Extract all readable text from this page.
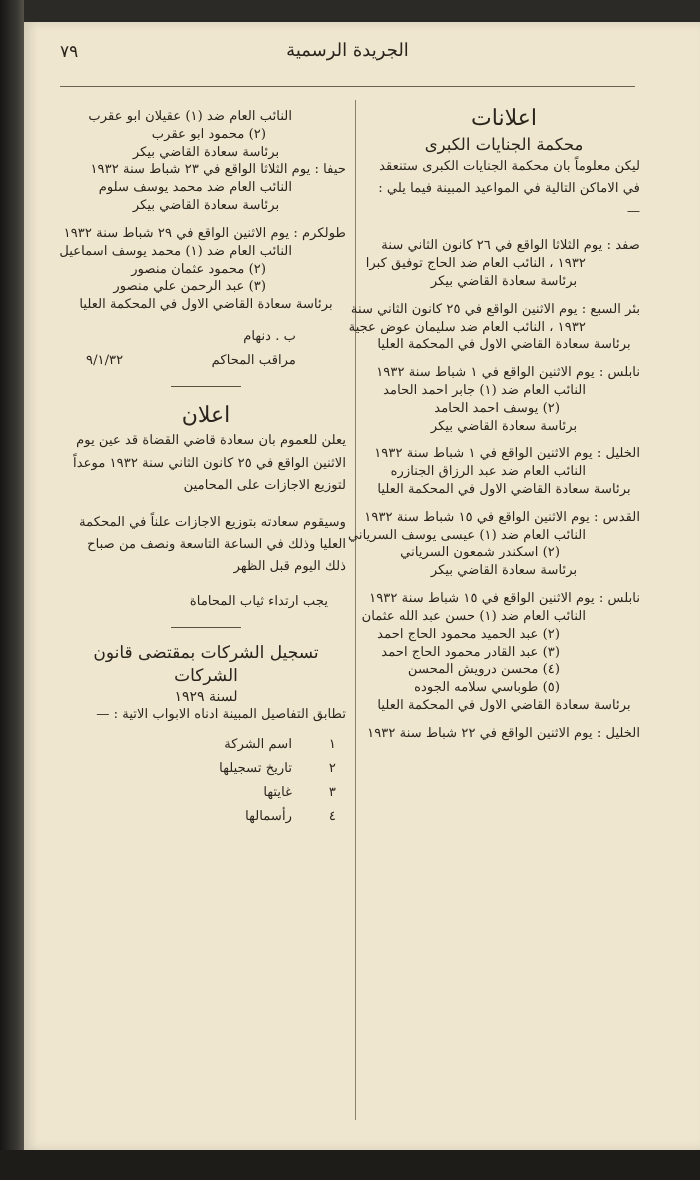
٧٩	الجريدة الرسمية

اعلانات

محكمة الجنايات الكبرى

ليكن معلوماً بان محكمة الجنايات الكبرى ستنعقد في الاماكن التالية في المواعيد المبينة فيما يلي : —

صفد : يوم الثلاثا الواقع في ٢٦ كانون الثاني سنة

١٩٣٢ ، النائب العام ضد الحاج توفيق كبرا

برئاسة سعادة القاضي بيكر

بئر السبع : يوم الاثنين الواقع في ٢٥ كانون الثاني سنة

١٩٣٢ ، النائب العام ضد سليمان عوض عجية

برئاسة سعادة القاضي الاول في المحكمة العليا

نابلس : يوم الاثنين الواقع في ١ شباط سنة ١٩٣٢

النائب العام ضد (١) جابر احمد الحامد

(٢) يوسف احمد الحامد

برئاسة سعادة القاضي بيكر

الخليل : يوم الاثنين الواقع في ١ شباط سنة ١٩٣٢

النائب العام ضد عبد الرزاق الجنازره

برئاسة سعادة القاضي الاول في المحكمة العليا

القدس : يوم الاثنين الواقع في ١٥ شباط سنة ١٩٣٢

النائب العام ضد (١) عيسى يوسف السرياني

(٢) اسكندر شمعون السرياني

برئاسة سعادة القاضي بيكر

نابلس : يوم الاثنين الواقع في ١٥ شباط سنة ١٩٣٢

النائب العام ضد (١) حسن عبد الله عثمان

(٢) عبد الحميد محمود الحاج احمد

(٣) عبد القادر محمود الحاج احمد

(٤) محسن درويش المحسن

(٥) طوباسي سلامه الجوده

برئاسة سعادة القاضي الاول في المحكمة العليا

الخليل : يوم الاثنين الواقع في ٢٢ شباط سنة ١٩٣٢

النائب العام ضد (١) عقيلان ابو عقرب

(٢) محمود ابو عقرب

برئاسة سعادة القاضي بيكر

حيفا : يوم الثلاثا الواقع في ٢٣ شباط سنة ١٩٣٢

النائب العام ضد محمد يوسف سلوم

برئاسة سعادة القاضي بيكر

طولكرم : يوم الاثنين الواقع في ٢٩ شباط سنة ١٩٣٢

النائب العام ضد (١) محمد يوسف اسماعيل

(٢) محمود عثمان منصور

(٣) عبد الرحمن علي منصور

برئاسة سعادة القاضي الاول في المحكمة العليا

ب . دنهام
مراقب المحاكم
٩/١/٣٢

اعلان

يعلن للعموم بان سعادة قاضي القضاة قد عين يوم الاثنين الواقع في ٢٥ كانون الثاني سنة ١٩٣٢ موعداً لتوزيع الاجازات على المحامين

وسيقوم سعادته بتوزيع الاجازات علناً في المحكمة العليا وذلك في الساعة التاسعة ونصف من صباح ذلك اليوم قبل الظهر

يجب ارتداء ثياب المحاماة

تسجيل الشركات بمقتضى قانون الشركات

لسنة ١٩٢٩

تطابق التفاصيل المبينة ادناه الابواب الاتية : —

١
اسم الشركة
٢
تاريخ تسجيلها
٣
غايتها
٤
رأسمالها
